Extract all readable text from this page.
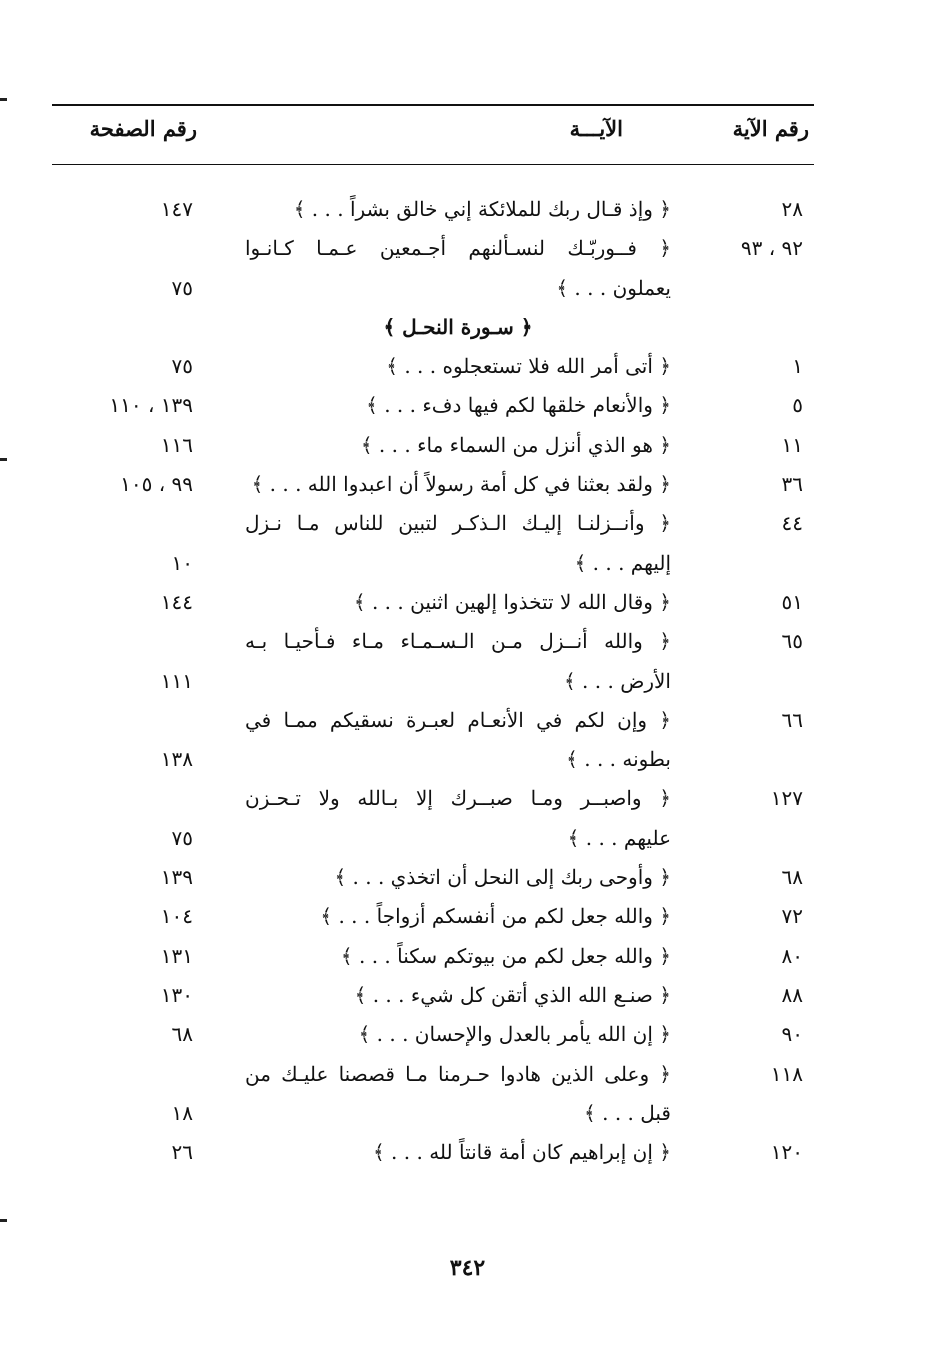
رقم الآية
الآيـــة
رقم الصفحة
٢٨
﴿ وإذ قـال ربك للملائكة إني خالق بشراً . . . ﴾
١٤٧
٩٢ ، ٩٣
﴿ فــوربّـك لنسـألنهم أجـمعين عـمـا كـانـوا
يعملون . . . ﴾
٧٥
﴿ سـورة النحـل ﴾
١
﴿ أتى أمر الله فلا تستعجلوه . . . ﴾
٧٥
٥
﴿ والأنعام خلقها لكم فيها دفء . . . ﴾
١٣٩ ، ١١٠
١١
﴿ هو الذي أنزل من السماء ماء . . . ﴾
١١٦
٣٦
﴿ ولقد بعثنا في كل أمة رسولاً أن اعبدوا الله . . . ﴾
٩٩ ، ١٠٥
٤٤
﴿ وأنــزلنـا إليـك الـذكـر لتبين للناس مـا نـزل
إليهم . . . ﴾
١٠
٥١
﴿ وقال الله لا تتخذوا إلهين اثنين . . . ﴾
١٤٤
٦٥
﴿ والله أنــزل مـن الـسـمـاء مـاء فـأحيـا بـه
الأرض . . . ﴾
١١١
٦٦
﴿ وإن لكم في الأنعـام لعبـرة نسقيكم ممـا في
بطونه . . . ﴾
١٣٨
١٢٧
﴿ واصبــر ومـا صبــرك إلا بـالله ولا تـحـزن
عليهم . . . ﴾
٧٥
٦٨
﴿ وأوحى ربك إلى النحل أن اتخذي . . . ﴾
١٣٩
٧٢
﴿ والله جعل لكم من أنفسكم أزواجاً . . . ﴾
١٠٤
٨٠
﴿ والله جعل لكم من بيوتكم سكناً . . . ﴾
١٣١
٨٨
﴿ صنـع الله الذي أتقن كل شيء . . . ﴾
١٣٠
٩٠
﴿ إن الله يأمر بالعدل والإحسان . . . ﴾
٦٨
١١٨
﴿ وعلى الذين هادوا حـرمنا مـا قصصنا عليـك من
قبل . . . ﴾
١٨
١٢٠
﴿ إن إبراهيم كان أمة قانتاً لله . . . ﴾
٢٦
٣٤٢
